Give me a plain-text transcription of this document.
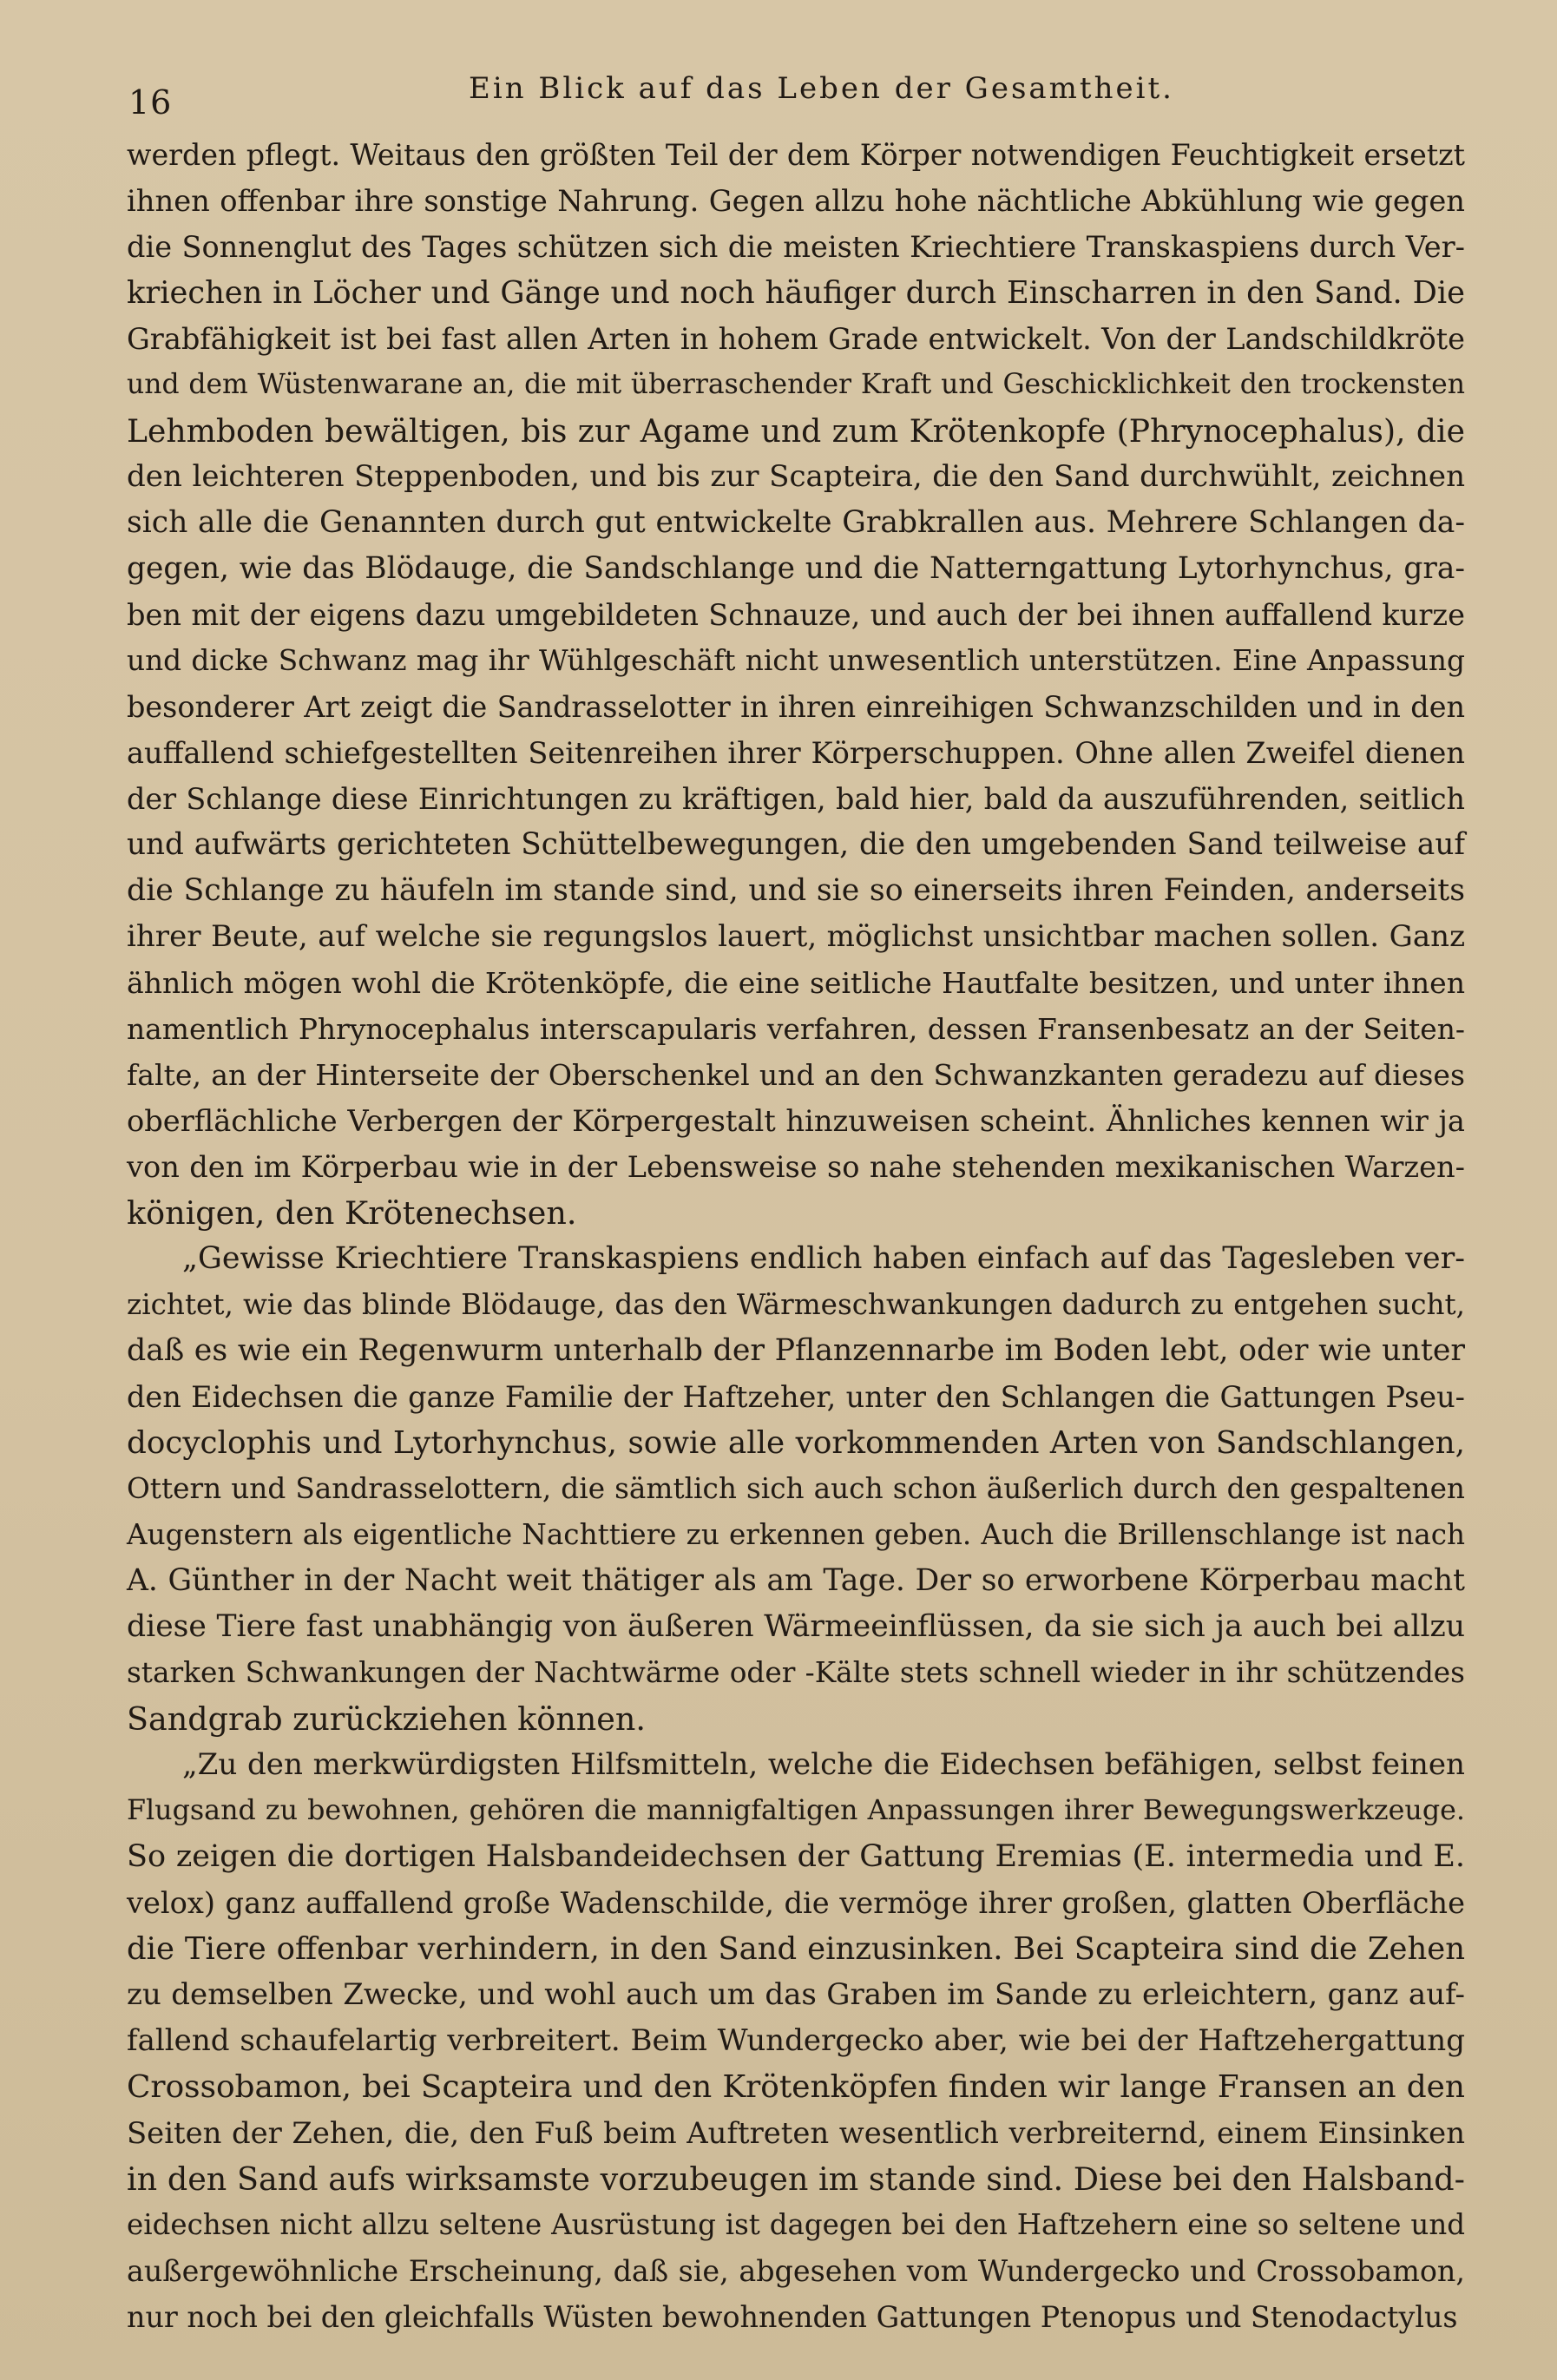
16	Ein Blick auf das Leben der Gesamtheit.
werden pflegt. Weitaus den größten Teil der dem Körper notwendigen Feuchtigkeit ersetzt
ihnen offenbar ihre sonstige Nahrung. Gegen allzu hohe nächtliche Abkühlung wie gegen
die Sonnenglut des Tages schützen sich die meisten Kriechtiere Transkaspiens durch Ver-
kriechen in Löcher und Gänge und noch häufiger durch Einscharren in den Sand. Die
Grabfähigkeit ist bei fast allen Arten in hohem Grade entwickelt. Von der Landschildkröte
und dem Wüstenwarane an, die mit überraschender Kraft und Geschicklichkeit den trockensten
Lehmboden bewältigen, bis zur Agame und zum Krötenkopfe (Phrynocephalus), die
den leichteren Steppenboden, und bis zur Scapteira, die den Sand durchwühlt, zeichnen
sich alle die Genannten durch gut entwickelte Grabkrallen aus. Mehrere Schlangen da-
gegen, wie das Blödauge, die Sandschlange und die Natterngattung Lytorhynchus, gra-
ben mit der eigens dazu umgebildeten Schnauze, und auch der bei ihnen auffallend kurze
und dicke Schwanz mag ihr Wühlgeschäft nicht unwesentlich unterstützen. Eine Anpassung
besonderer Art zeigt die Sandrasselotter in ihren einreihigen Schwanzschilden und in den
auffallend schiefgestellten Seitenreihen ihrer Körperschuppen. Ohne allen Zweifel dienen
der Schlange diese Einrichtungen zu kräftigen, bald hier, bald da auszuführenden, seitlich
und aufwärts gerichteten Schüttelbewegungen, die den umgebenden Sand teilweise auf
die Schlange zu häufeln im stande sind, und sie so einerseits ihren Feinden, anderseits
ihrer Beute, auf welche sie regungslos lauert, möglichst unsichtbar machen sollen. Ganz
ähnlich mögen wohl die Krötenköpfe, die eine seitliche Hautfalte besitzen, und unter ihnen
namentlich Phrynocephalus interscapularis verfahren, dessen Fransenbesatz an der Seiten-
falte, an der Hinterseite der Oberschenkel und an den Schwanzkanten geradezu auf dieses
oberflächliche Verbergen der Körpergestalt hinzuweisen scheint. Ähnliches kennen wir ja
von den im Körperbau wie in der Lebensweise so nahe stehenden mexikanischen Warzen-
königen, den Krötenechsen.
„Gewisse Kriechtiere Transkaspiens endlich haben einfach auf das Tagesleben ver-
zichtet, wie das blinde Blödauge, das den Wärmeschwankungen dadurch zu entgehen sucht,
daß es wie ein Regenwurm unterhalb der Pflanzennarbe im Boden lebt, oder wie unter
den Eidechsen die ganze Familie der Haftzeher, unter den Schlangen die Gattungen Pseu-
docyclophis und Lytorhynchus, sowie alle vorkommenden Arten von Sandschlangen,
Ottern und Sandrasselottern, die sämtlich sich auch schon äußerlich durch den gespaltenen
Augenstern als eigentliche Nachttiere zu erkennen geben. Auch die Brillenschlange ist nach
A. Günther in der Nacht weit thätiger als am Tage. Der so erworbene Körperbau macht
diese Tiere fast unabhängig von äußeren Wärmeeinflüssen, da sie sich ja auch bei allzu
starken Schwankungen der Nachtwärme oder -Kälte stets schnell wieder in ihr schützendes
Sandgrab zurückziehen können.
„Zu den merkwürdigsten Hilfsmitteln, welche die Eidechsen befähigen, selbst feinen
Flugsand zu bewohnen, gehören die mannigfaltigen Anpassungen ihrer Bewegungswerkzeuge.
So zeigen die dortigen Halsbandeidechsen der Gattung Eremias (E. intermedia und E.
velox) ganz auffallend große Wadenschilde, die vermöge ihrer großen, glatten Oberfläche
die Tiere offenbar verhindern, in den Sand einzusinken. Bei Scapteira sind die Zehen
zu demselben Zwecke, und wohl auch um das Graben im Sande zu erleichtern, ganz auf-
fallend schaufelartig verbreitert. Beim Wundergecko aber, wie bei der Haftzehergattung
Crossobamon, bei Scapteira und den Krötenköpfen finden wir lange Fransen an den
Seiten der Zehen, die, den Fuß beim Auftreten wesentlich verbreiternd, einem Einsinken
in den Sand aufs wirksamste vorzubeugen im stande sind. Diese bei den Halsband-
eidechsen nicht allzu seltene Ausrüstung ist dagegen bei den Haftzehern eine so seltene und
außergewöhnliche Erscheinung, daß sie, abgesehen vom Wundergecko und Crossobamon,
nur noch bei den gleichfalls Wüsten bewohnenden Gattungen Ptenopus und Stenodactylus
